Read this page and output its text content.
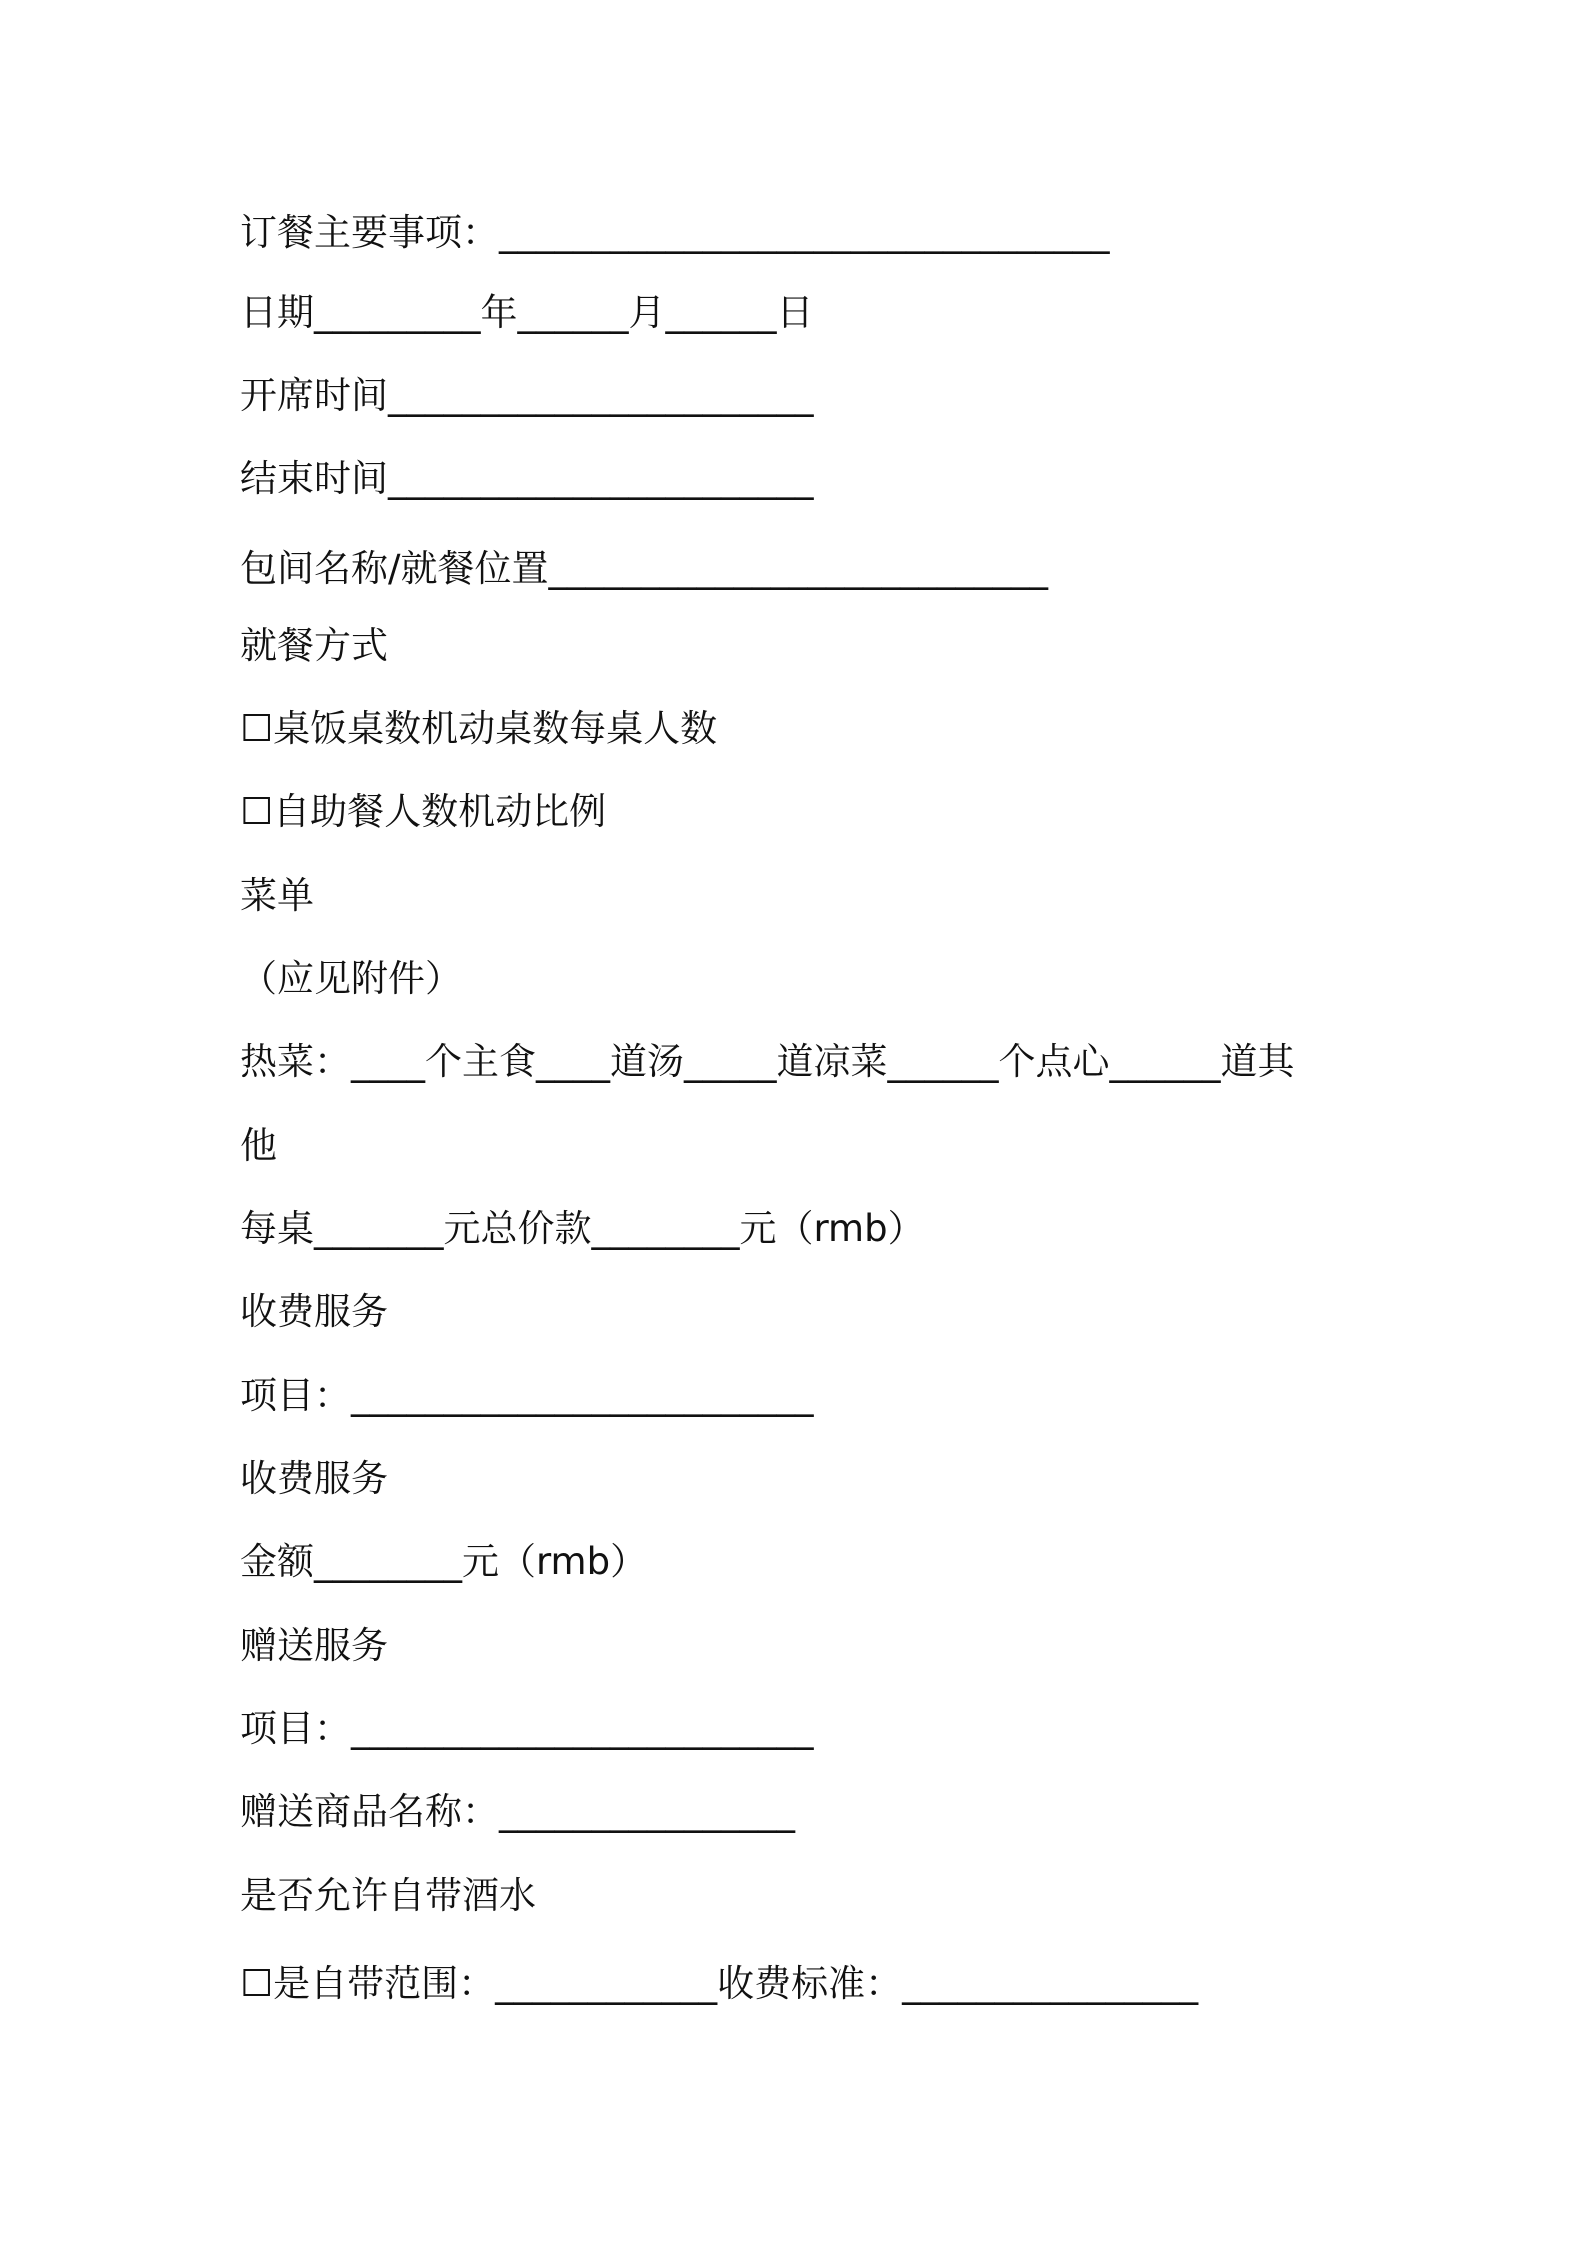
订餐主要事项：_________________________________
日期_________年______月______日
开席时间_______________________
结束时间_______________________
包间名称/就餐位置___________________________
就餐方式
☐桌饭桌数机动桌数每桌人数
☐自助餐人数机动比例
菜单
（应见附件）
热菜：____个主食____道汤_____道凉菜______个点心______道其
他
每桌_______元总价款________元（rmb）
收费服务
项目：_________________________
收费服务
金额________元（rmb）
赠送服务
项目：_________________________
赠送商品名称：________________
是否允许自带酒水
☐是自带范围：____________收费标准：________________
